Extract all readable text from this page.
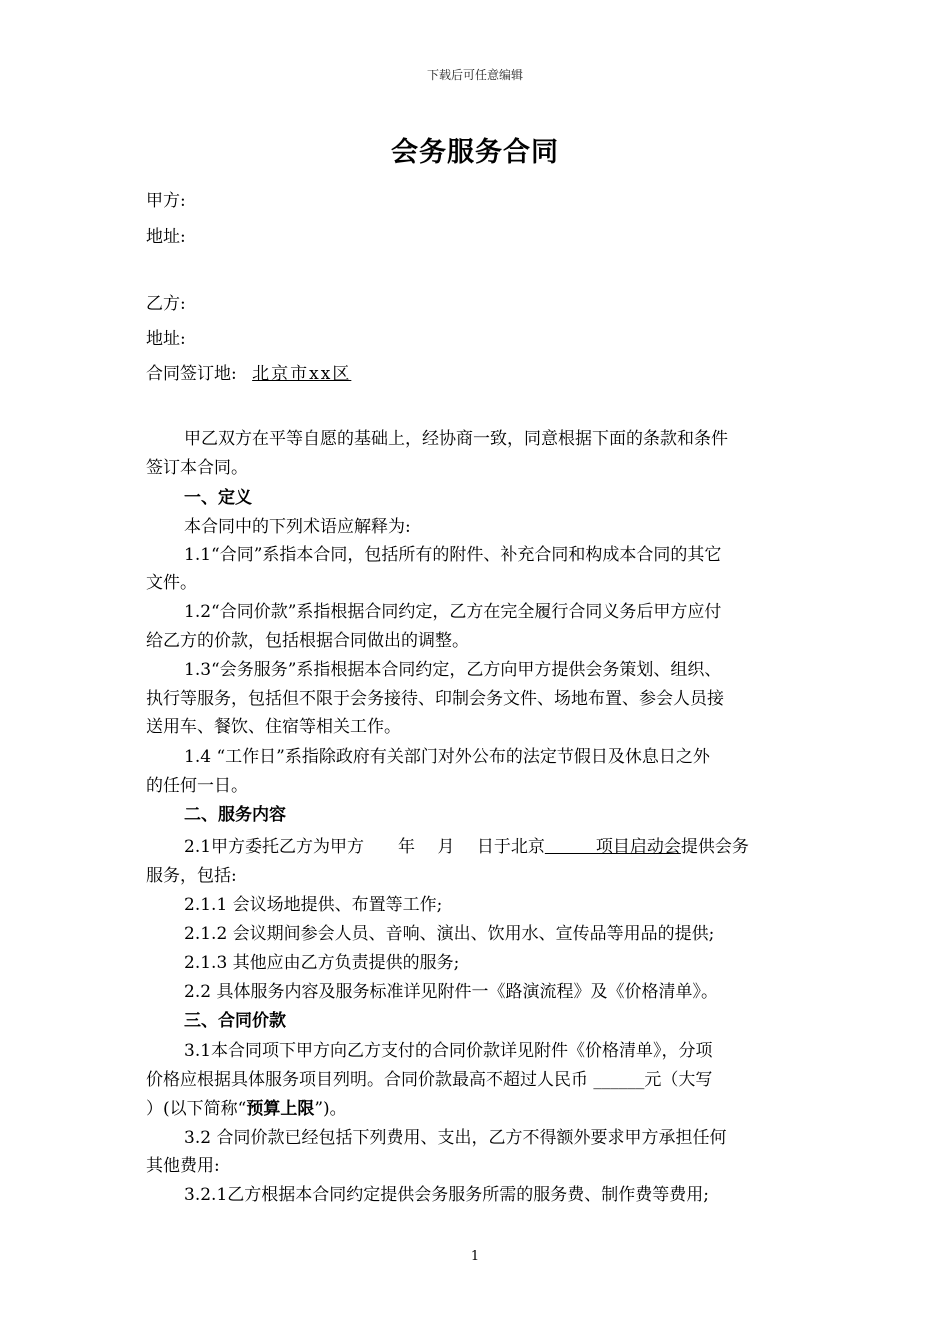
下载后可任意编辑
会务服务合同
甲方:
地址:
乙方:
地址:
合同签订地: 北京市xx区
甲乙双方在平等自愿的基础上，经协商一致，同意根据下面的条款和条件
签订本合同。
一、定义
本合同中的下列术语应解释为:
1.1“合同”系指本合同，包括所有的附件、补充合同和构成本合同的其它
文件。
1.2“合同价款”系指根据合同约定，乙方在完全履行合同义务后甲方应付
给乙方的价款，包括根据合同做出的调整。
1.3“会务服务”系指根据本合同约定，乙方向甲方提供会务策划、组织、
执行等服务，包括但不限于会务接待、印制会务文件、场地布置、参会人员接
送用车、餐饮、住宿等相关工作。
1.4 “工作日”系指除政府有关部门对外公布的法定节假日及休息日之外
的任何一日。
二、服务内容
2.1甲方委托乙方为甲方　　年　 月　 日于北京　　　项目启动会提供会务
服务，包括:
2.1.1 会议场地提供、布置等工作;
2.1.2 会议期间参会人员、音响、演出、饮用水、宣传品等用品的提供;
2.1.3 其他应由乙方负责提供的服务;
2.2 具体服务内容及服务标准详见附件一《路演流程》及《价格清单》。
三、合同价款
3.1本合同项下甲方向乙方支付的合同价款详见附件《价格清单》，分项
价格应根据具体服务项目列明。合同价款最高不超过人民币 ______元（大写
）(以下简称“预算上限”)。
3.2 合同价款已经包括下列费用、支出，乙方不得额外要求甲方承担任何
其他费用:
3.2.1乙方根据本合同约定提供会务服务所需的服务费、制作费等费用;
1
